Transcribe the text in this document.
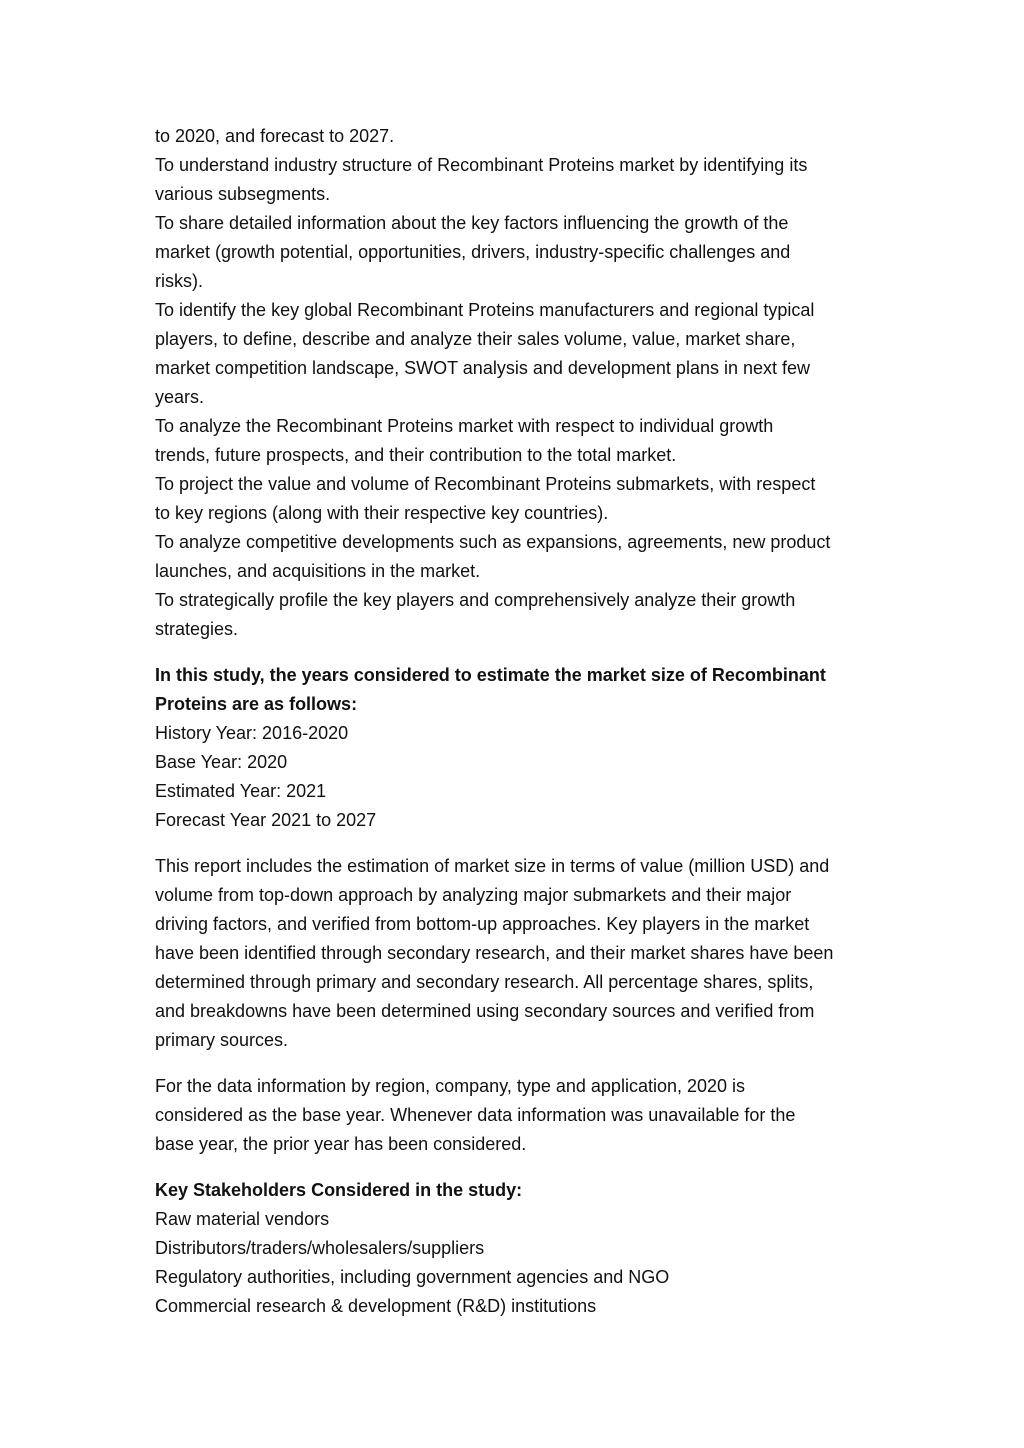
to 2020, and forecast to 2027.
To understand industry structure of Recombinant Proteins market by identifying its
various subsegments.
To share detailed information about the key factors influencing the growth of the
market (growth potential, opportunities, drivers, industry-specific challenges and
risks).
To identify the key global Recombinant Proteins manufacturers and regional typical
players, to define, describe and analyze their sales volume, value, market share,
market competition landscape, SWOT analysis and development plans in next few
years.
To analyze the Recombinant Proteins market with respect to individual growth
trends, future prospects, and their contribution to the total market.
To project the value and volume of Recombinant Proteins submarkets, with respect
to key regions (along with their respective key countries).
To analyze competitive developments such as expansions, agreements, new product
launches, and acquisitions in the market.
To strategically profile the key players and comprehensively analyze their growth
strategies.
In this study, the years considered to estimate the market size of Recombinant
Proteins are as follows:
History Year: 2016-2020
Base Year: 2020
Estimated Year: 2021
Forecast Year 2021 to 2027
This report includes the estimation of market size in terms of value (million USD) and
volume from top-down approach by analyzing major submarkets and their major
driving factors, and verified from bottom-up approaches. Key players in the market
have been identified through secondary research, and their market shares have been
determined through primary and secondary research. All percentage shares, splits,
and breakdowns have been determined using secondary sources and verified from
primary sources.
For the data information by region, company, type and application, 2020 is
considered as the base year. Whenever data information was unavailable for the
base year, the prior year has been considered.
Key Stakeholders Considered in the study:
Raw material vendors
Distributors/traders/wholesalers/suppliers
Regulatory authorities, including government agencies and NGO
Commercial research & development (R&D) institutions
